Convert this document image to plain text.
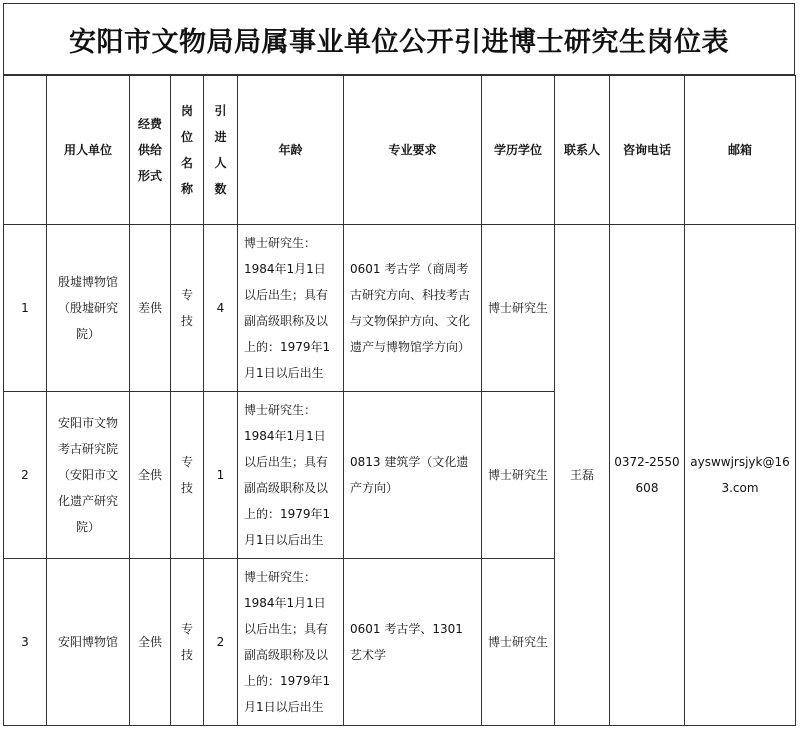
安阳市文物局局属事业单位公开引进博士研究生岗位表
	用人单位	经费供给形式	岗位名称	引进人数	年龄	专业要求	学历学位	联系人	咨询电话	邮箱
1	殷墟博物馆（殷墟研究院）	差供	专技	4	博士研究生：1984年1月1日以后出生；具有副高级职称及以上的：1979年1月1日以后出生	0601 考古学（商周考古研究方向、科技考古与文物保护方向、文化遗产与博物馆学方向）	博士研究生	王磊	0372-2550608	ayswwjrsjyk@163.com
2	安阳市文物考古研究院（安阳市文化遗产研究院）	全供	专技	1	博士研究生：1984年1月1日以后出生；具有副高级职称及以上的：1979年1月1日以后出生	0813 建筑学（文化遗产方向）	博士研究生			
3	安阳博物馆	全供	专技	2	博士研究生：1984年1月1日以后出生；具有副高级职称及以上的：1979年1月1日以后出生	0601 考古学、1301 艺术学	博士研究生			
